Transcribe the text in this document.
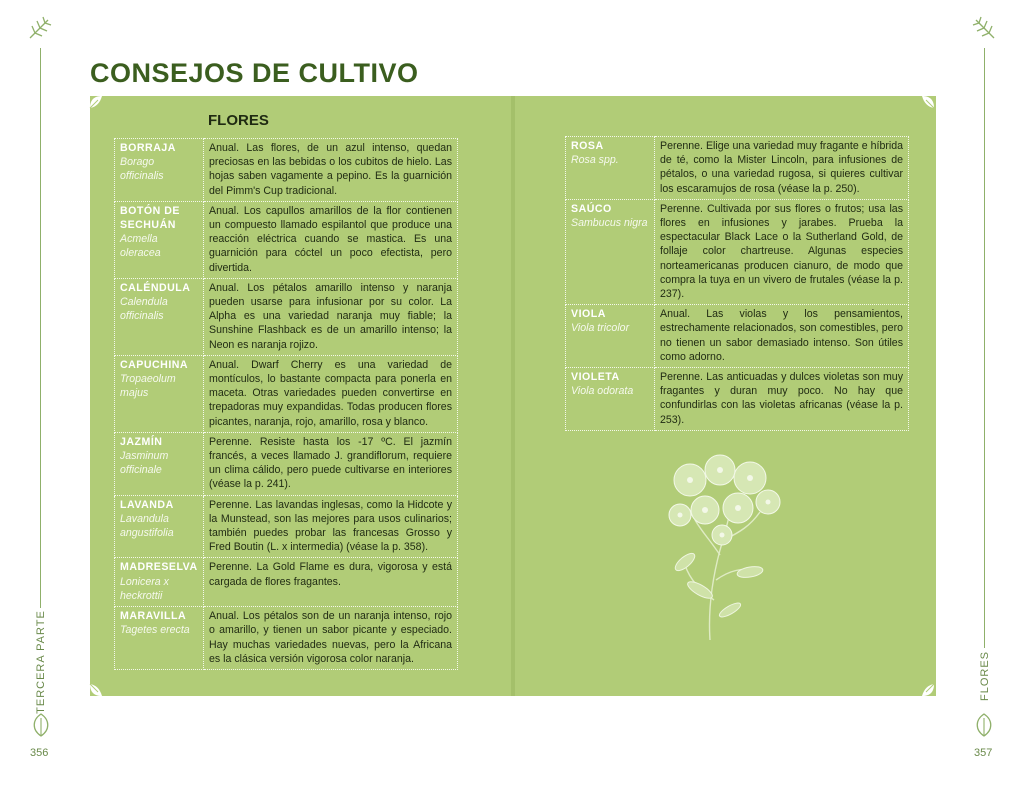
CONSEJOS DE CULTIVO
FLORES
BORRAJA
Borago officinalis	Anual. Las flores, de un azul intenso, quedan preciosas en las bebidas o los cubitos de hielo. Las hojas saben vagamente a pepino. Es la guarnición del Pimm's Cup tradicional.

BOTÓN DE SECHUÁN
Acmella oleracea	Anual. Los capullos amarillos de la flor contienen un compuesto llamado espilantol que produce una reacción eléctrica cuando se mastica. Es una guarnición para cóctel un poco efectista, pero divertida.

CALÉNDULA
Calendula officinalis	Anual. Los pétalos amarillo intenso y naranja pueden usarse para infusionar por su color. La Alpha es una variedad naranja muy fiable; la Sunshine Flashback es de un amarillo intenso; la Neon es naranja rojizo.

CAPUCHINA
Tropaeolum majus	Anual. Dwarf Cherry es una variedad de montículos, lo bastante compacta para ponerla en maceta. Otras variedades pueden convertirse en trepadoras muy expandidas. Todas producen flores picantes, naranja, rojo, amarillo, rosa y blanco.

JAZMÍN
Jasminum officinale	Perenne. Resiste hasta los -17 ºC. El jazmín francés, a veces llamado J. grandiflorum, requiere un clima cálido, pero puede cultivarse en interiores (véase la p. 241).

LAVANDA
Lavandula angustifolia	Perenne. Las lavandas inglesas, como la Hidcote y la Munstead, son las mejores para usos culinarios; también puedes probar las francesas Grosso y Fred Boutin (L. x intermedia) (véase la p. 358).

MADRESELVA
Lonicera x heckrottii	Perenne. La Gold Flame es dura, vigorosa y está cargada de flores fragantes.

MARAVILLA
Tagetes erecta	Anual. Los pétalos son de un naranja intenso, rojo o amarillo, y tienen un sabor picante y especiado. Hay muchas variedades nuevas, pero la Africana es la clásica versión vigorosa color naranja.
ROSA
Rosa spp.	Perenne. Elige una variedad muy fragante e híbrida de té, como la Mister Lincoln, para infusiones de pétalos, o una variedad rugosa, si quieres cultivar los escaramujos de rosa (véase la p. 250).

SAÚCO
Sambucus nigra	Perenne. Cultivada por sus flores o frutos; usa las flores en infusiones y jarabes. Prueba la espectacular Black Lace o la Sutherland Gold, de follaje color chartreuse. Algunas especies norteamericanas producen cianuro, de modo que compra la tuya en un vivero de frutales (véase la p. 237).

VIOLA
Viola tricolor	Anual. Las violas y los pensamientos, estrechamente relacionados, son comestibles, pero no tienen un sabor demasiado intenso. Son útiles como adorno.

VIOLETA
Viola odorata	Perenne. Las anticuadas y dulces violetas son muy fragantes y duran muy poco. No hay que confundirlas con las violetas africanas (véase la p. 253).
TERCERA PARTE	FLORES
356	357
